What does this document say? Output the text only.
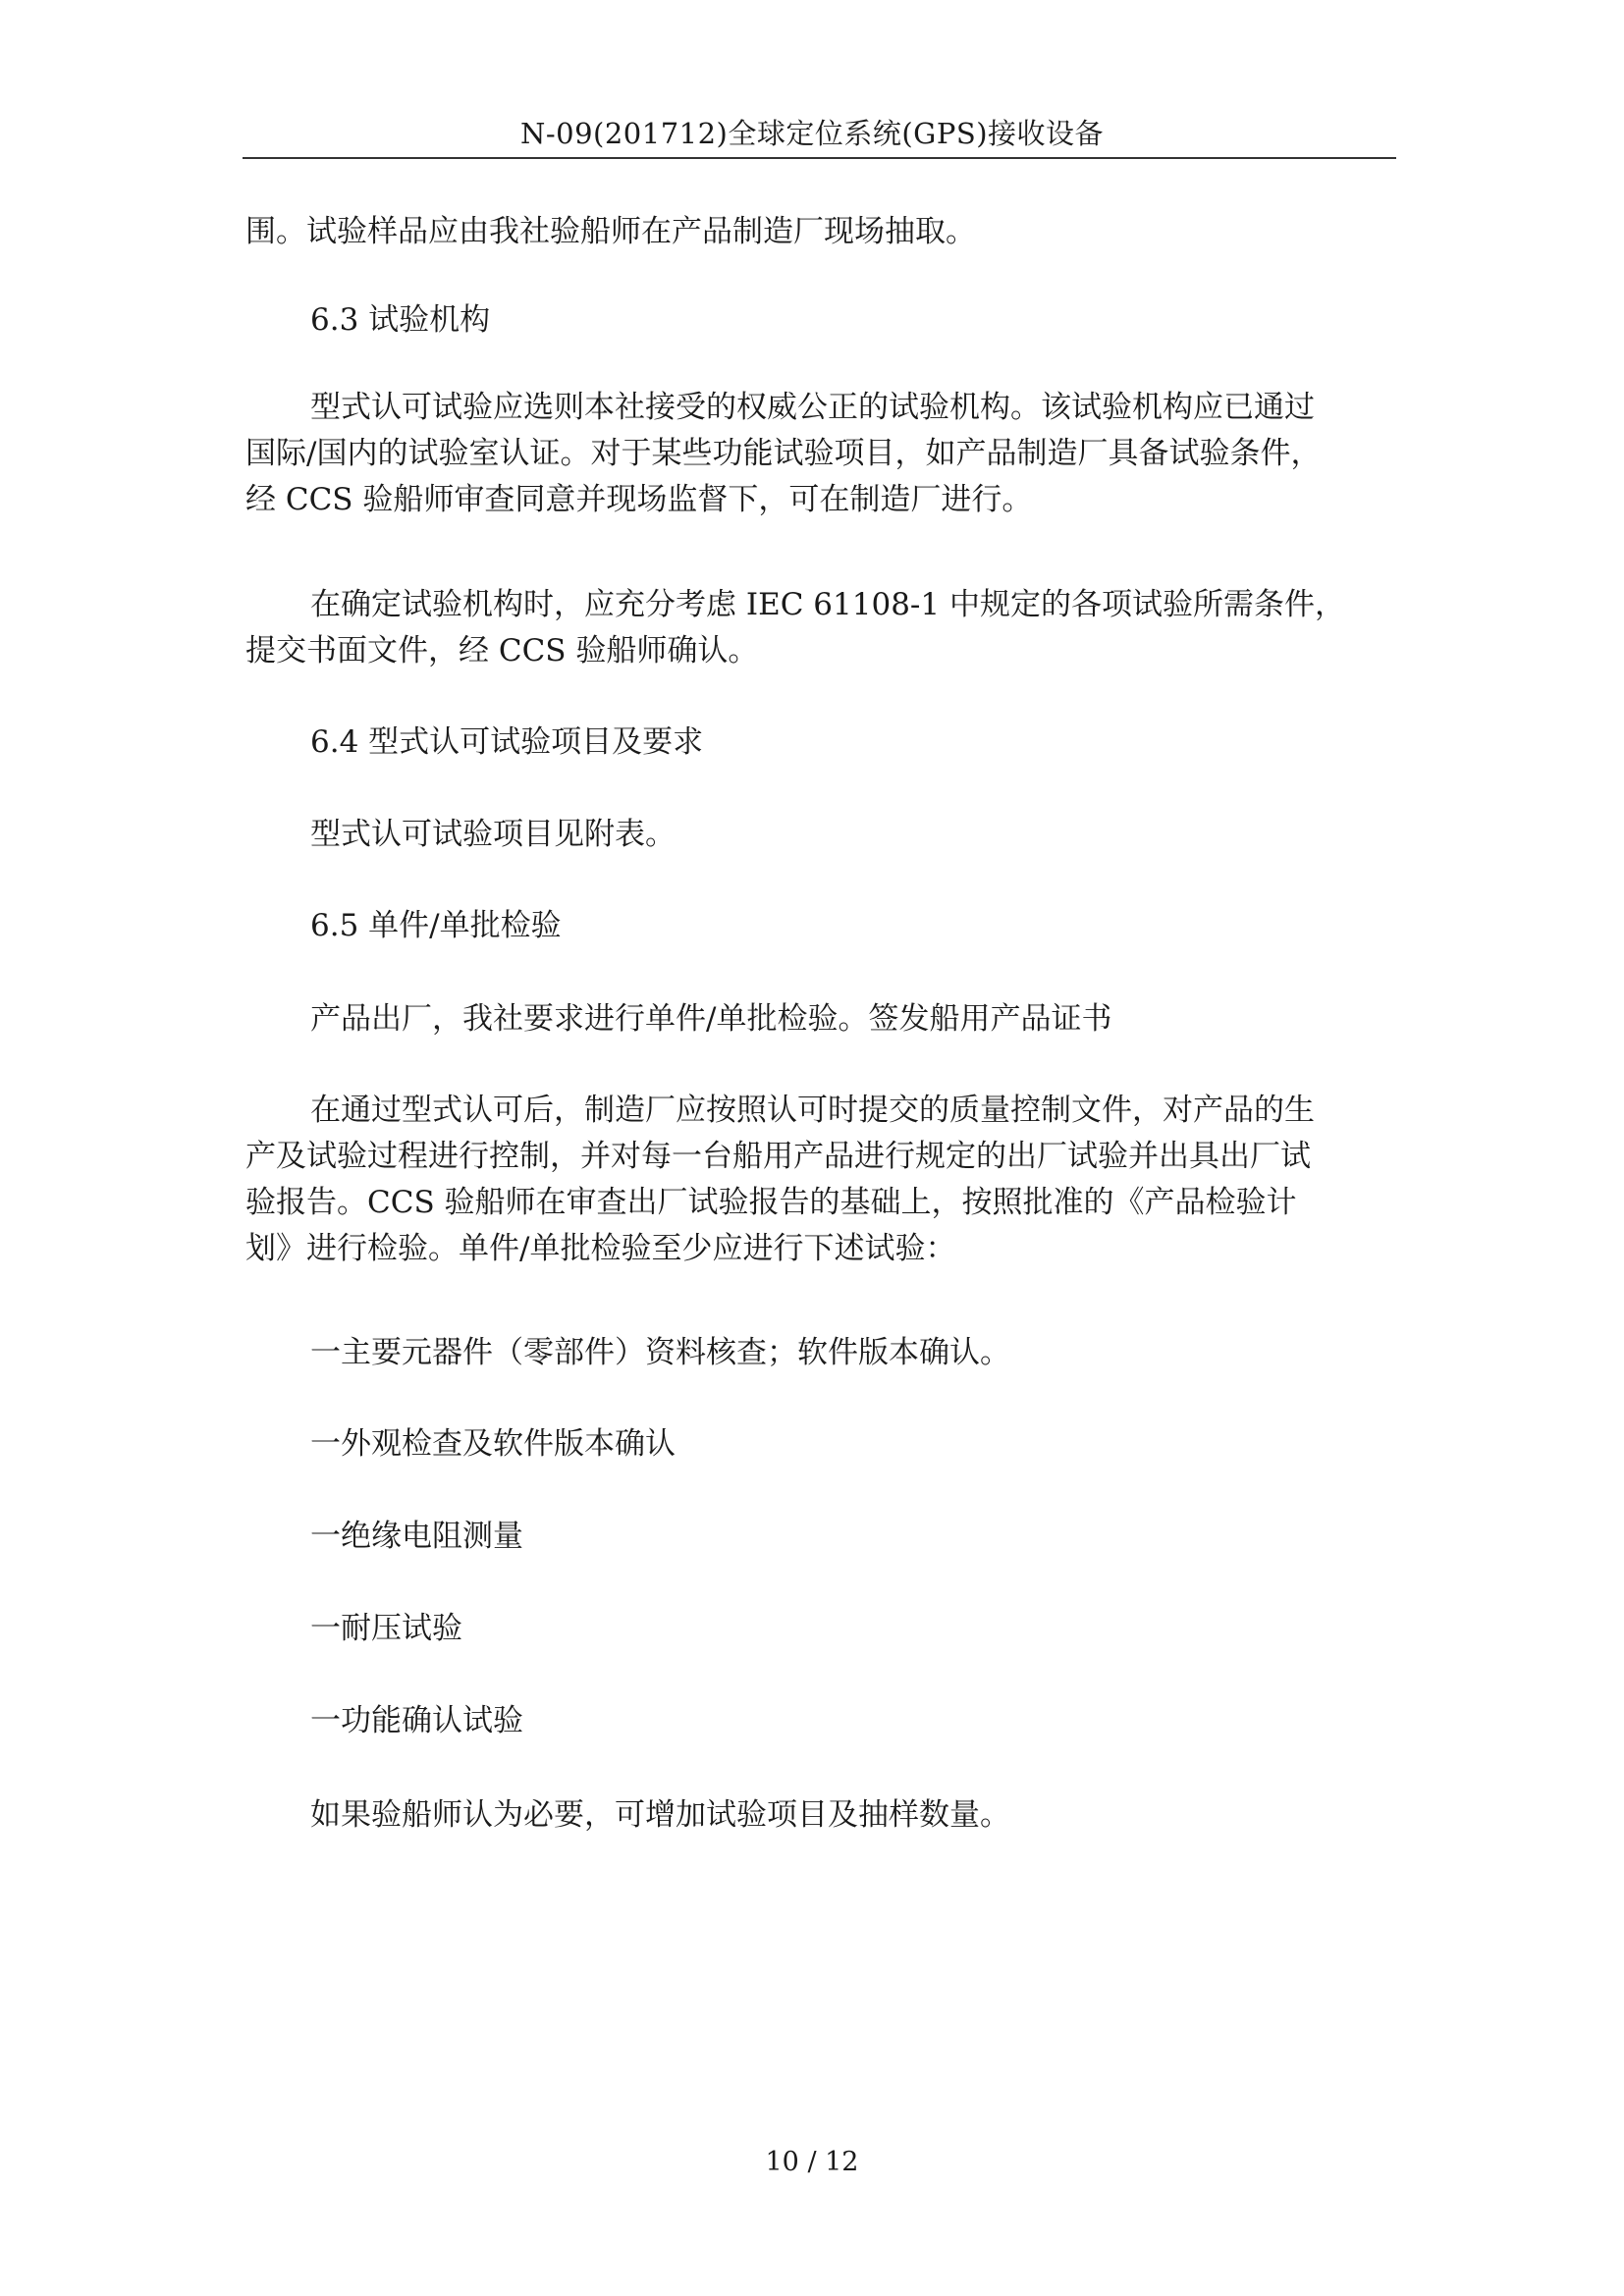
N-09(201712)全球定位系统(GPS)接收设备
围。试验样品应由我社验船师在产品制造厂现场抽取。
6.3 试验机构
型式认可试验应选则本社接受的权威公正的试验机构。该试验机构应已通过
国际/国内的试验室认证。对于某些功能试验项目，如产品制造厂具备试验条件，
经 CCS 验船师审查同意并现场监督下，可在制造厂进行。
在确定试验机构时，应充分考虑 IEC 61108-1 中规定的各项试验所需条件，
提交书面文件，经 CCS 验船师确认。
6.4 型式认可试验项目及要求
型式认可试验项目见附表。
6.5 单件/单批检验
产品出厂，我社要求进行单件/单批检验。签发船用产品证书
在通过型式认可后，制造厂应按照认可时提交的质量控制文件，对产品的生
产及试验过程进行控制，并对每一台船用产品进行规定的出厂试验并出具出厂试
验报告。CCS 验船师在审查出厂试验报告的基础上，按照批准的《产品检验计
划》进行检验。单件/单批检验至少应进行下述试验：
一主要元器件（零部件）资料核查；软件版本确认。
一外观检查及软件版本确认
一绝缘电阻测量
一耐压试验
一功能确认试验
如果验船师认为必要，可增加试验项目及抽样数量。
10 / 12
